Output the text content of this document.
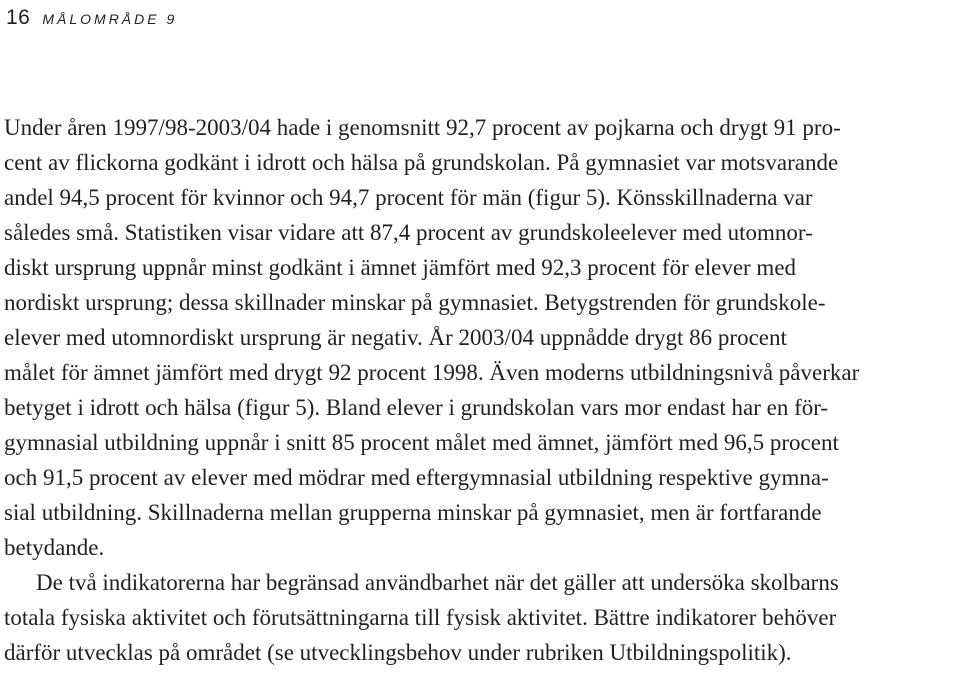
16 MÅLOMRÅDE 9
Under åren 1997/98-2003/04 hade i genomsnitt 92,7 procent av pojkarna och drygt 91 pro-
cent av flickorna godkänt i idrott och hälsa på grundskolan. På gymnasiet var motsvarande
andel 94,5 procent för kvinnor och 94,7 procent för män (figur 5). Könsskillnaderna var
således små. Statistiken visar vidare att 87,4 procent av grundskoleelever med utomnor-
diskt ursprung uppnår minst godkänt i ämnet jämfört med 92,3 procent för elever med
nordiskt ursprung; dessa skillnader minskar på gymnasiet. Betygstrenden för grundskole-
elever med utomnordiskt ursprung är negativ. År 2003/04 uppnådde drygt 86 procent
målet för ämnet jämfört med drygt 92 procent 1998. Även moderns utbildningsnivå påverkar
betyget i idrott och hälsa (figur 5). Bland elever i grundskolan vars mor endast har en för-
gymnasial utbildning uppnår i snitt 85 procent målet med ämnet, jämfört med 96,5 procent
och 91,5 procent av elever med mödrar med eftergymnasial utbildning respektive gymna-
sial utbildning. Skillnaderna mellan grupperna minskar på gymnasiet, men är fortfarande
betydande.
De två indikatorerna har begränsad användbarhet när det gäller att undersöka skolbarns
totala fysiska aktivitet och förutsättningarna till fysisk aktivitet. Bättre indikatorer behöver
därför utvecklas på området (se utvecklingsbehov under rubriken Utbildningspolitik).
